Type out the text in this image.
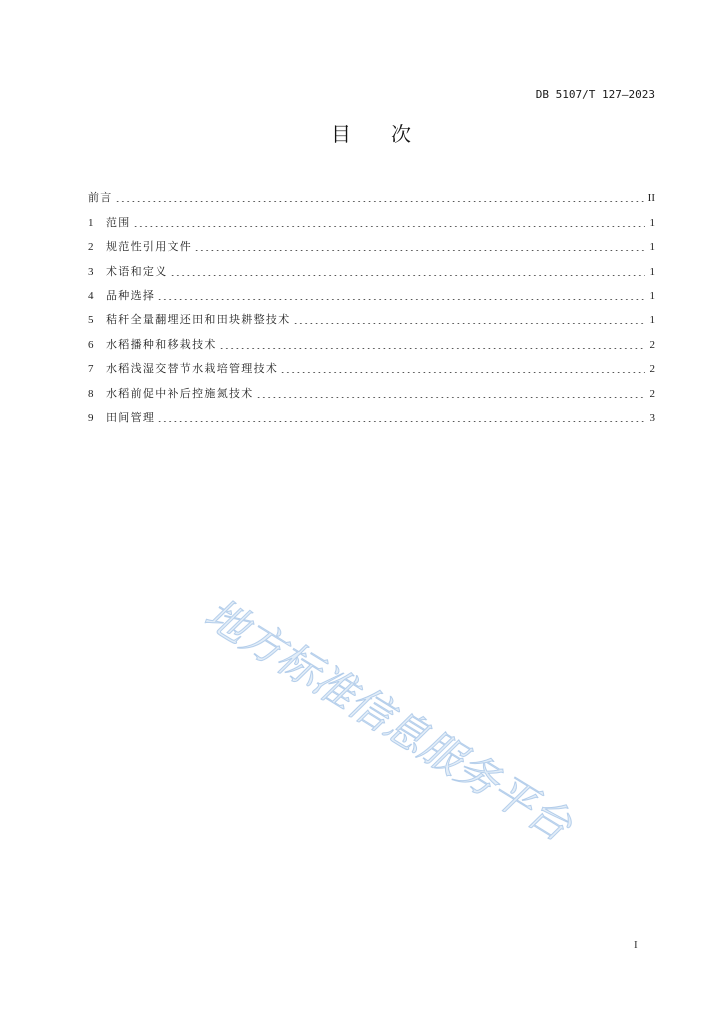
DB 5107/T 127—2023
目　　次
前言	II
1	范围	1
2	规范性引用文件	1
3	术语和定义	1
4	品种选择	1
5	秸秆全量翻埋还田和田块耕整技术	1
6	水稻播种和移栽技术	2
7	水稻浅湿交替节水栽培管理技术	2
8	水稻前促中补后控施氮技术	2
9	田间管理	3
地方标准信息服务平台
I
